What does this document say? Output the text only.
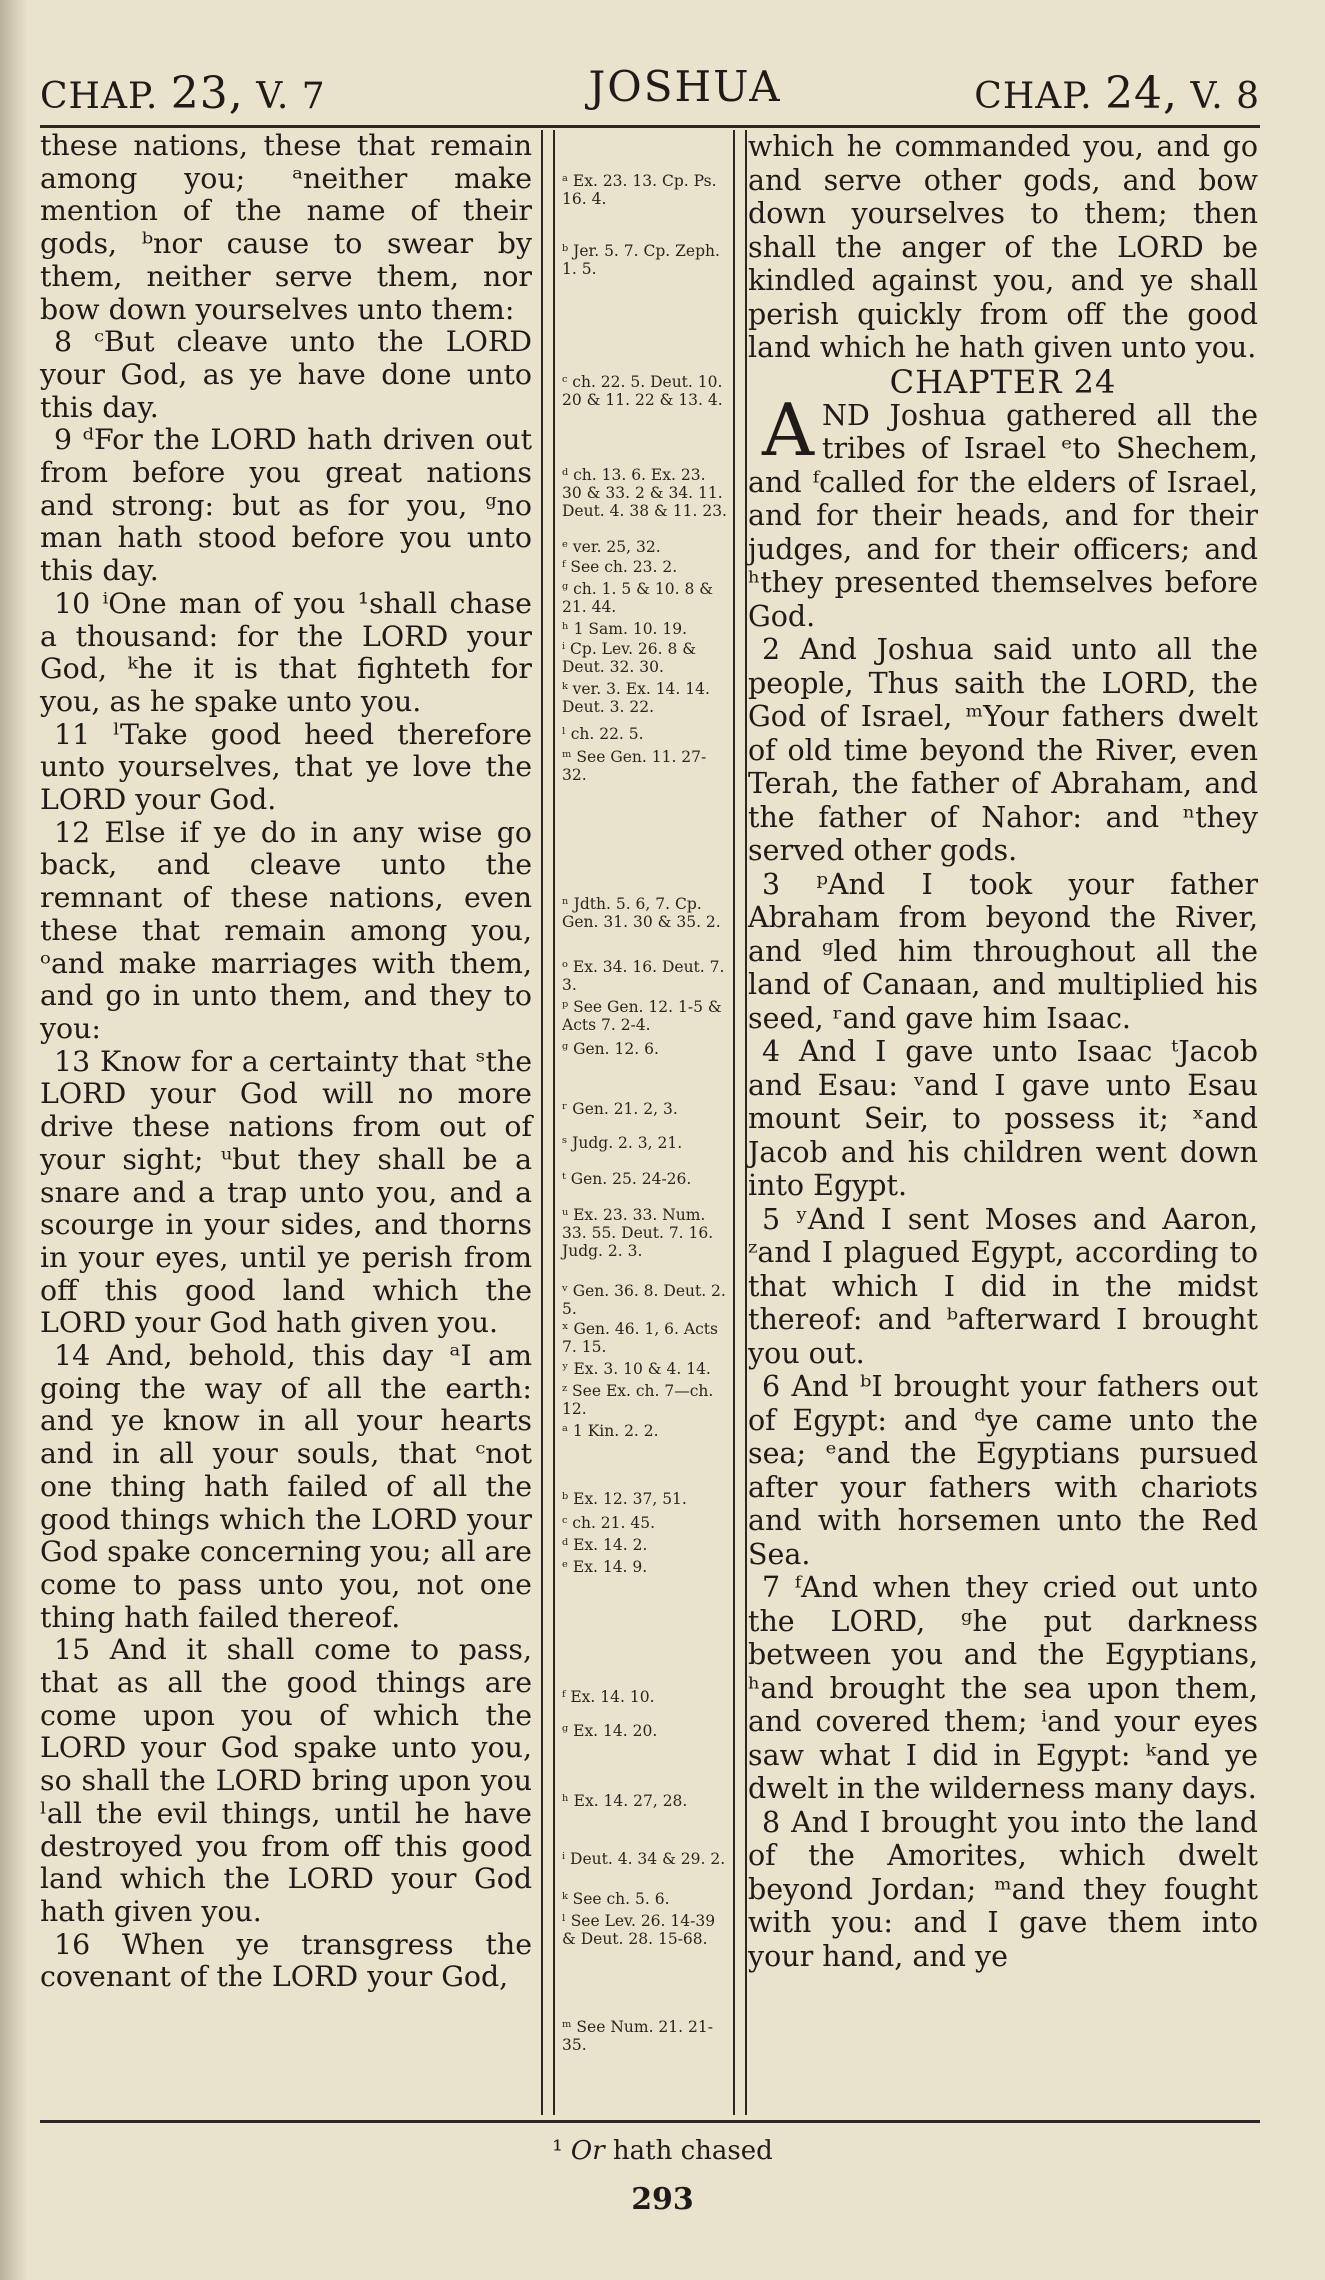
CHAP. 23, V. 7	JOSHUA	CHAP. 24, V. 8

these nations, these that remain among you; ᵃneither make mention of the name of their gods, ᵇnor cause to swear by them, neither serve them, nor bow down yourselves unto them:

8 ᶜBut cleave unto the LORD your God, as ye have done unto this day.

9 ᵈFor the LORD hath driven out from before you great nations and strong: but as for you, ᵍno man hath stood before you unto this day.

10 ⁱOne man of you ¹shall chase a thousand: for the LORD your God, ᵏhe it is that fighteth for you, as he spake unto you.

11 ˡTake good heed therefore unto yourselves, that ye love the LORD your God.

12 Else if ye do in any wise go back, and cleave unto the remnant of these nations, even these that remain among you, ᵒand make marriages with them, and go in unto them, and they to you:

13 Know for a certainty that ˢthe LORD your God will no more drive these nations from out of your sight; ᵘbut they shall be a snare and a trap unto you, and a scourge in your sides, and thorns in your eyes, until ye perish from off this good land which the LORD your God hath given you.

14 And, behold, this day ᵃI am going the way of all the earth: and ye know in all your hearts and in all your souls, that ᶜnot one thing hath failed of all the good things which the LORD your God spake concerning you; all are come to pass unto you, not one thing hath failed thereof.

15 And it shall come to pass, that as all the good things are come upon you of which the LORD your God spake unto you, so shall the LORD bring upon you ˡall the evil things, until he have destroyed you from off this good land which the LORD your God hath given you.

16 When ye transgress the covenant of the LORD your God,

ᵃ Ex. 23. 13. Cp. Ps. 16. 4.
ᵇ Jer. 5. 7. Cp. Zeph. 1. 5.
ᶜ ch. 22. 5. Deut. 10. 20 & 11. 22 & 13. 4.
ᵈ ch. 13. 6. Ex. 23. 30 & 33. 2 & 34. 11. Deut. 4. 38 & 11. 23.
ᵉ ver. 25, 32.
ᶠ See ch. 23. 2.
ᵍ ch. 1. 5 & 10. 8 & 21. 44.
ʰ 1 Sam. 10. 19.
ⁱ Cp. Lev. 26. 8 & Deut. 32. 30.
ᵏ ver. 3. Ex. 14. 14. Deut. 3. 22.
ˡ ch. 22. 5.
ᵐ See Gen. 11. 27-32.
ⁿ Jdth. 5. 6, 7. Cp. Gen. 31. 30 & 35. 2.
ᵒ Ex. 34. 16. Deut. 7. 3.
ᵖ See Gen. 12. 1-5 & Acts 7. 2-4.
ᵍ Gen. 12. 6.
ʳ Gen. 21. 2, 3.
ˢ Judg. 2. 3, 21.
ᵗ Gen. 25. 24-26.
ᵘ Ex. 23. 33. Num. 33. 55. Deut. 7. 16. Judg. 2. 3.
ᵛ Gen. 36. 8. Deut. 2. 5.
ˣ Gen. 46. 1, 6. Acts 7. 15.
ʸ Ex. 3. 10 & 4. 14.
ᶻ See Ex. ch. 7—ch. 12.
ᵃ 1 Kin. 2. 2.
ᵇ Ex. 12. 37, 51.
ᶜ ch. 21. 45.
ᵈ Ex. 14. 2.
ᵉ Ex. 14. 9.
ᶠ Ex. 14. 10.
ᵍ Ex. 14. 20.
ʰ Ex. 14. 27, 28.
ⁱ Deut. 4. 34 & 29. 2.
ᵏ See ch. 5. 6.
ˡ See Lev. 26. 14-39 & Deut. 28. 15-68.
ᵐ See Num. 21. 21-35.

which he commanded you, and go and serve other gods, and bow down yourselves to them; then shall the anger of the LORD be kindled against you, and ye shall perish quickly from off the good land which he hath given unto you.

CHAPTER 24

AND Joshua gathered all the tribes of Israel ᵉto Shechem, and ᶠcalled for the elders of Israel, and for their heads, and for their judges, and for their officers; and ʰthey presented themselves before God.

2 And Joshua said unto all the people, Thus saith the LORD, the God of Israel, ᵐYour fathers dwelt of old time beyond the River, even Terah, the father of Abraham, and the father of Nahor: and ⁿthey served other gods.

3 ᵖAnd I took your father Abraham from beyond the River, and ᵍled him throughout all the land of Canaan, and multiplied his seed, ʳand gave him Isaac.

4 And I gave unto Isaac ᵗJacob and Esau: ᵛand I gave unto Esau mount Seir, to possess it; ˣand Jacob and his children went down into Egypt.

5 ʸAnd I sent Moses and Aaron, ᶻand I plagued Egypt, according to that which I did in the midst thereof: and ᵇafterward I brought you out.

6 And ᵇI brought your fathers out of Egypt: and ᵈye came unto the sea; ᵉand the Egyptians pursued after your fathers with chariots and with horsemen unto the Red Sea.

7 ᶠAnd when they cried out unto the LORD, ᵍhe put darkness between you and the Egyptians, ʰand brought the sea upon them, and covered them; ⁱand your eyes saw what I did in Egypt: ᵏand ye dwelt in the wilderness many days.

8 And I brought you into the land of the Amorites, which dwelt beyond Jordan; ᵐand they fought with you: and I gave them into your hand, and ye

¹ Or hath chased
293
